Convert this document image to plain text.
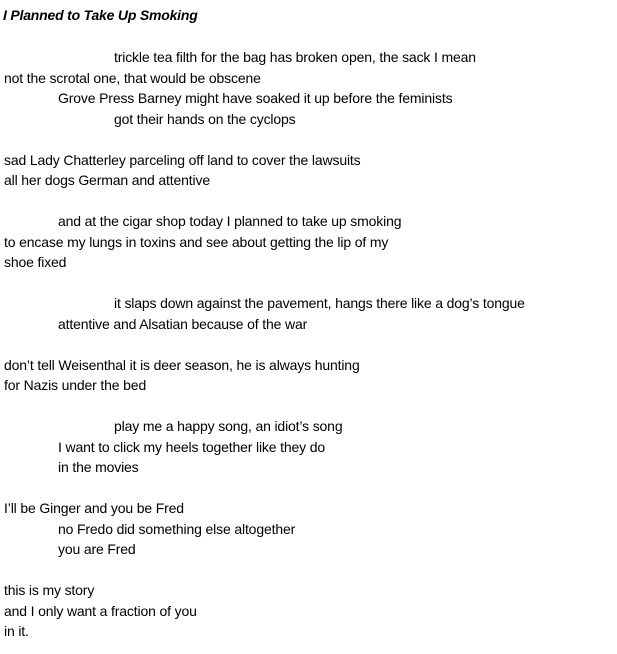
I Planned to Take Up Smoking
trickle tea filth for the bag has broken open, the sack I mean
not the scrotal one, that would be obscene
Grove Press Barney might have soaked it up before the feminists
got their hands on the cyclops
sad Lady Chatterley parceling off land to cover the lawsuits
all her dogs German and attentive
and at the cigar shop today I planned to take up smoking
to encase my lungs in toxins and see about getting the lip of my
shoe fixed
it slaps down against the pavement, hangs there like a dog’s tongue
attentive and Alsatian because of the war
don’t tell Weisenthal it is deer season, he is always hunting
for Nazis under the bed
play me a happy song, an idiot’s song
I want to click my heels together like they do
in the movies
I’ll be Ginger and you be Fred
no Fredo did something else altogether
you are Fred
this is my story
and I only want a fraction of you
in it.
